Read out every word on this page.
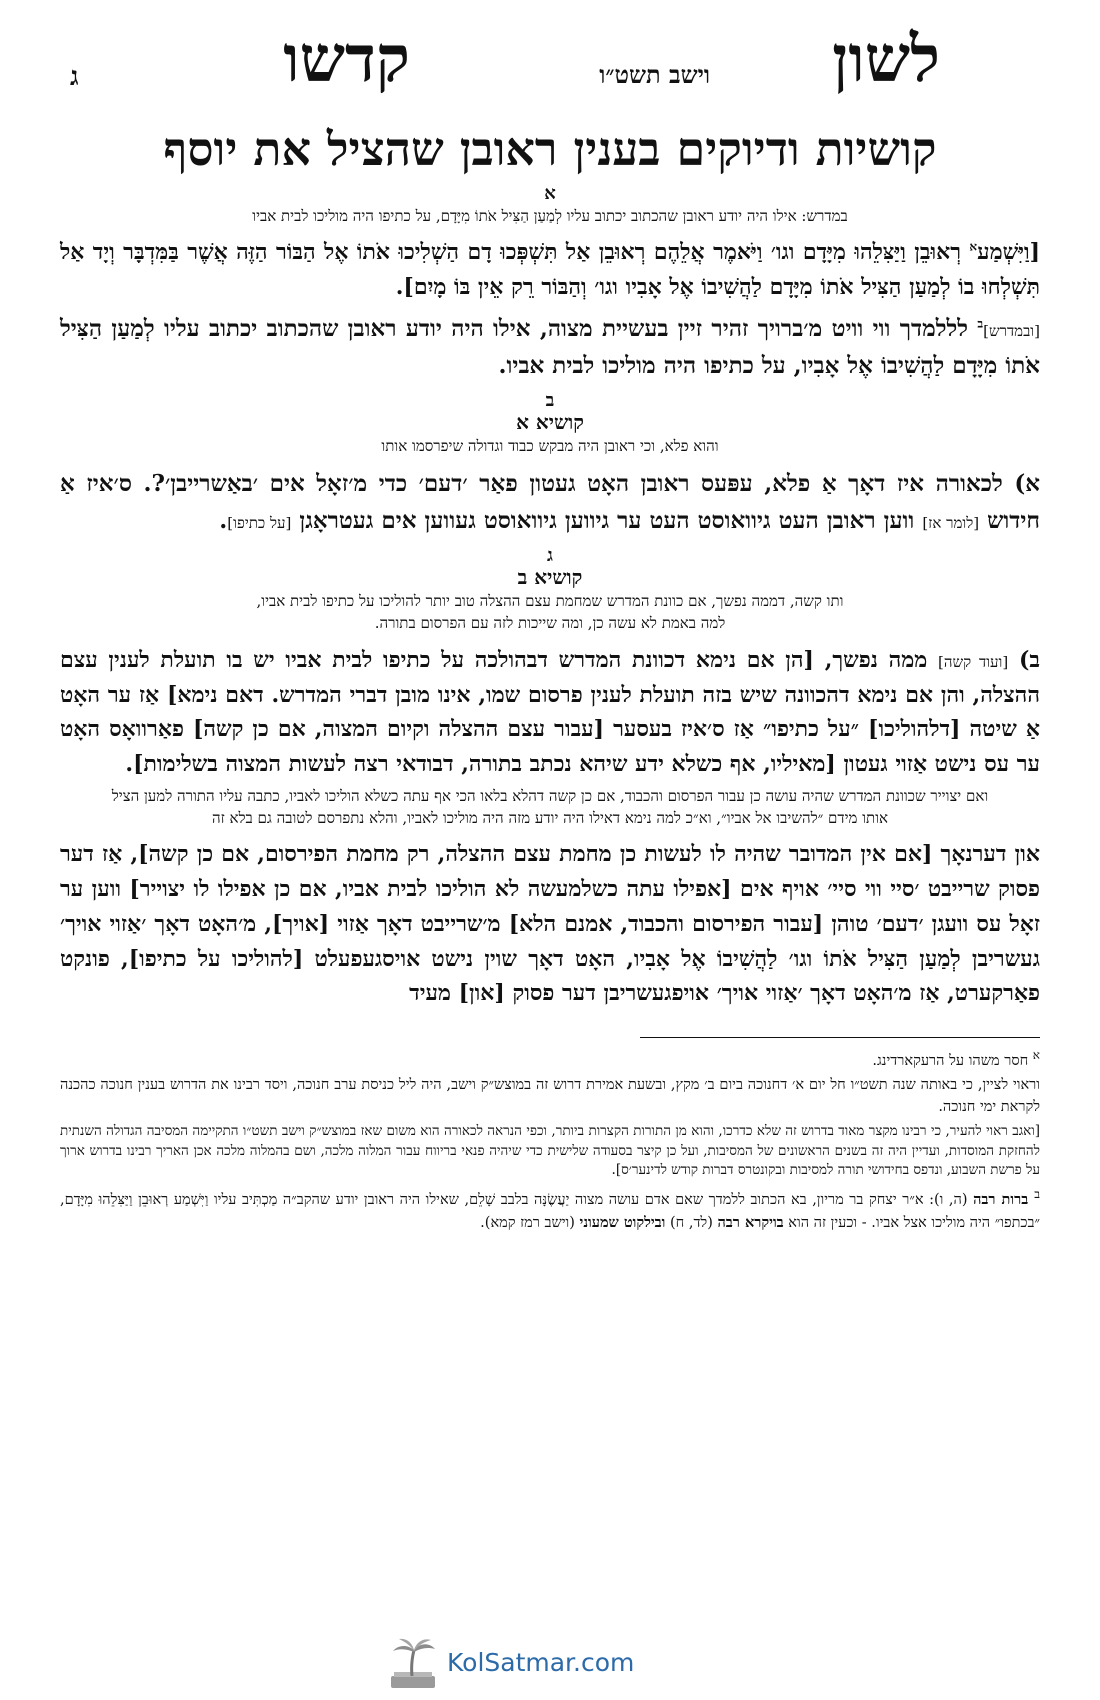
לשון
וישב תשט״ו
קדשו
ג
קושיות ודיוקים בענין ראובן שהציל את יוסף
א
במדרש: אילו היה יודע ראובן שהכתוב יכתוב עליו לְמַעַן הַצִּיל אֹתוֹ מִיָּדָם, על כתיפו היה מוליכו לבית אביו

[וַיִּשְׁמַע$^א$ רְאוּבֵן וַיַּצִּלֵהוּ מִיָּדָם וגו׳ וַיֹּאמֶר אֲלֵהֶם רְאוּבֵן אַל תִּשְׁפְּכוּ דָם הַשְׁלִיכוּ אֹתוֹ אֶל הַבּוֹר הַזֶּה אֲשֶׁר בַּמִּדְבָּר וְיָד אַל תִּשְׁלְחוּ בוֹ לְמַעַן הַצִּיל אֹתוֹ מִיָּדָם לַהֲשִׁיבוֹ אֶל אָבִיו וגו׳ וְהַבּוֹר רֵק אֵין בּוֹ מָיִם].

[ובמדרש]$^ב$ לללמדך ווי וויט מ׳ברויך זהיר זיין בעשיית מצוה, אילו היה יודע ראובן שהכתוב יכתוב עליו לְמַעַן הַצִּיל אֹתוֹ מִיָּדָם לַהֲשִׁיבוֹ אֶל אָבִיו, על כתיפו היה מוליכו לבית אביו.

ב
קושיא א
והוא פלא, וכי ראובן היה מבקש כבוד וגדולה שיפרסמו אותו

א) לכאורה איז דאָך אַ פלא, עפּעס ראובן האָט געטון פאַר ׳דעם׳ כדי מ׳זאָל אים ׳באַשרייבן׳?. ס׳איז אַ חידוש [לומר אז] ווען ראובן העט גיוואוסט העט ער גיווען גיוואוסט געווען אים געטראָגן [על כתיפו].

ג
קושיא ב
ותו קשה, דממה נפשך, אם כוונת המדרש שמחמת עצם ההצלה טוב יותר להוליכו על כתיפו לבית אביו,
למה באמת לא עשה כן, ומה שייכות לזה עם הפרסום בתורה.

ב) [ועוד קשה] ממה נפשך, [הן אם נימא דכוונת המדרש דבהולכה על כתיפו לבית אביו יש בו תועלת לענין עצם ההצלה, והן אם נימא דהכוונה שיש בזה תועלת לענין פרסום שמו, אינו מובן דברי המדרש. דאם נימא] אַז ער האָט אַ שיטה [דלהוליכו] ״על כתיפו״ אַז ס׳איז בעסער [עבור עצם ההצלה וקיום המצוה, אם כן קשה] פאַרוואָס האָט ער עס נישט אַזוי געטון [מאיליו, אף כשלא ידע שיהא נכתב בתורה, דבודאי רצה לעשות המצוה בשלימות].

ואם יצוייר שכוונת המדרש שהיה עושה כן עבור הפרסום והכבוד, אם כן קשה דהלא בלאו הכי אף עתה כשלא הוליכו לאביו, כתבה עליו התורה למען הציל אותו מידם ״להשיבו אל אביו״, וא״כ למה נימא דאילו היה יודע מזה היה מוליכו לאביו, והלא נתפרסם לטובה גם בלא זה

און דערנאָך [אם אין המדובר שהיה לו לעשות כן מחמת עצם ההצלה, רק מחמת הפירסום, אם כן קשה], אַז דער פסוק שרייבט ׳סיי ווי סיי׳ אויף אים [אפילו עתה כשלמעשה לא הוליכו לבית אביו, אם כן אפילו לו יצוייר] ווען ער זאָל עס וועגן ׳דעם׳ טוהן [עבור הפירסום והכבוד, אמנם הלא] מ׳שרייבט דאָך אַזוי [אויך], מ׳האָט דאָך ׳אַזוי אויך׳ געשריבן לְמַעַן הַצִּיל אֹתוֹ וגו׳ לַהֲשִׁיבוֹ אֶל אָבִיו, האָט דאָך שוין נישט אויסגעפעלט [להוליכו על כתיפו], פונקט פאַרקערט, אַז מ׳האָט דאָך ׳אַזוי אויך׳ אויפגעשריבן דער פסוק [און] מעיד

$^א$ חסר משהו על הרעקארדינג.

וראוי לציין, כי באותה שנה תשט״ו חל יום א׳ דחנוכה ביום ב׳ מקץ, ובשעת אמירת דרוש זה במוצש״ק וישב, היה ליל כניסת ערב חנוכה, ויסד רבינו את הדרוש בענין חנוכה כהכנה לקראת ימי חנוכה.

[ואגב ראוי להעיר, כי רבינו מקצר מאוד בדרוש זה שלא כדרכו, והוא מן התורות הקצרות ביותר, וכפי הנראה לכאורה הוא משום שאז במוצש״ק וישב תשט״ו התקיימה המסיבה הגדולה השנתית להחזקת המוסדות, ועדיין היה זה בשנים הראשונים של המסיבות, ועל כן קיצר בסעודה שלישית כדי שיהיה פנאי בריווח עבור המלוה מלכה, ושם בהמלוה מלכה אכן האריך רבינו בדרוש ארוך על פרשת השבוע, ונדפס בחידושי תורה למסיבות ובקונטרס דברות קודש לדינער׳ס].

$^ב$ ברות רבה (ה, ו): א״ר יצחק בר מריון, בא הכתוב ללמדך שאם אדם עושה מצוה יַעֲשֶׂנָּה בלבב שָׁלֵם, שאילו היה ראובן יודע שהקב״ה מַכְתִּיב עליו וַיִּשְׁמַע רְאוּבֵן וַיַּצִּלֵהוּ מִיָּדָם, ״בכתפו״ היה מוליכו אצל אביו. - וכעין זה הוא בויקרא רבה (לד, ח) ובילקוט שמעוני (וישב רמז קמא).

KolSatmar.com
